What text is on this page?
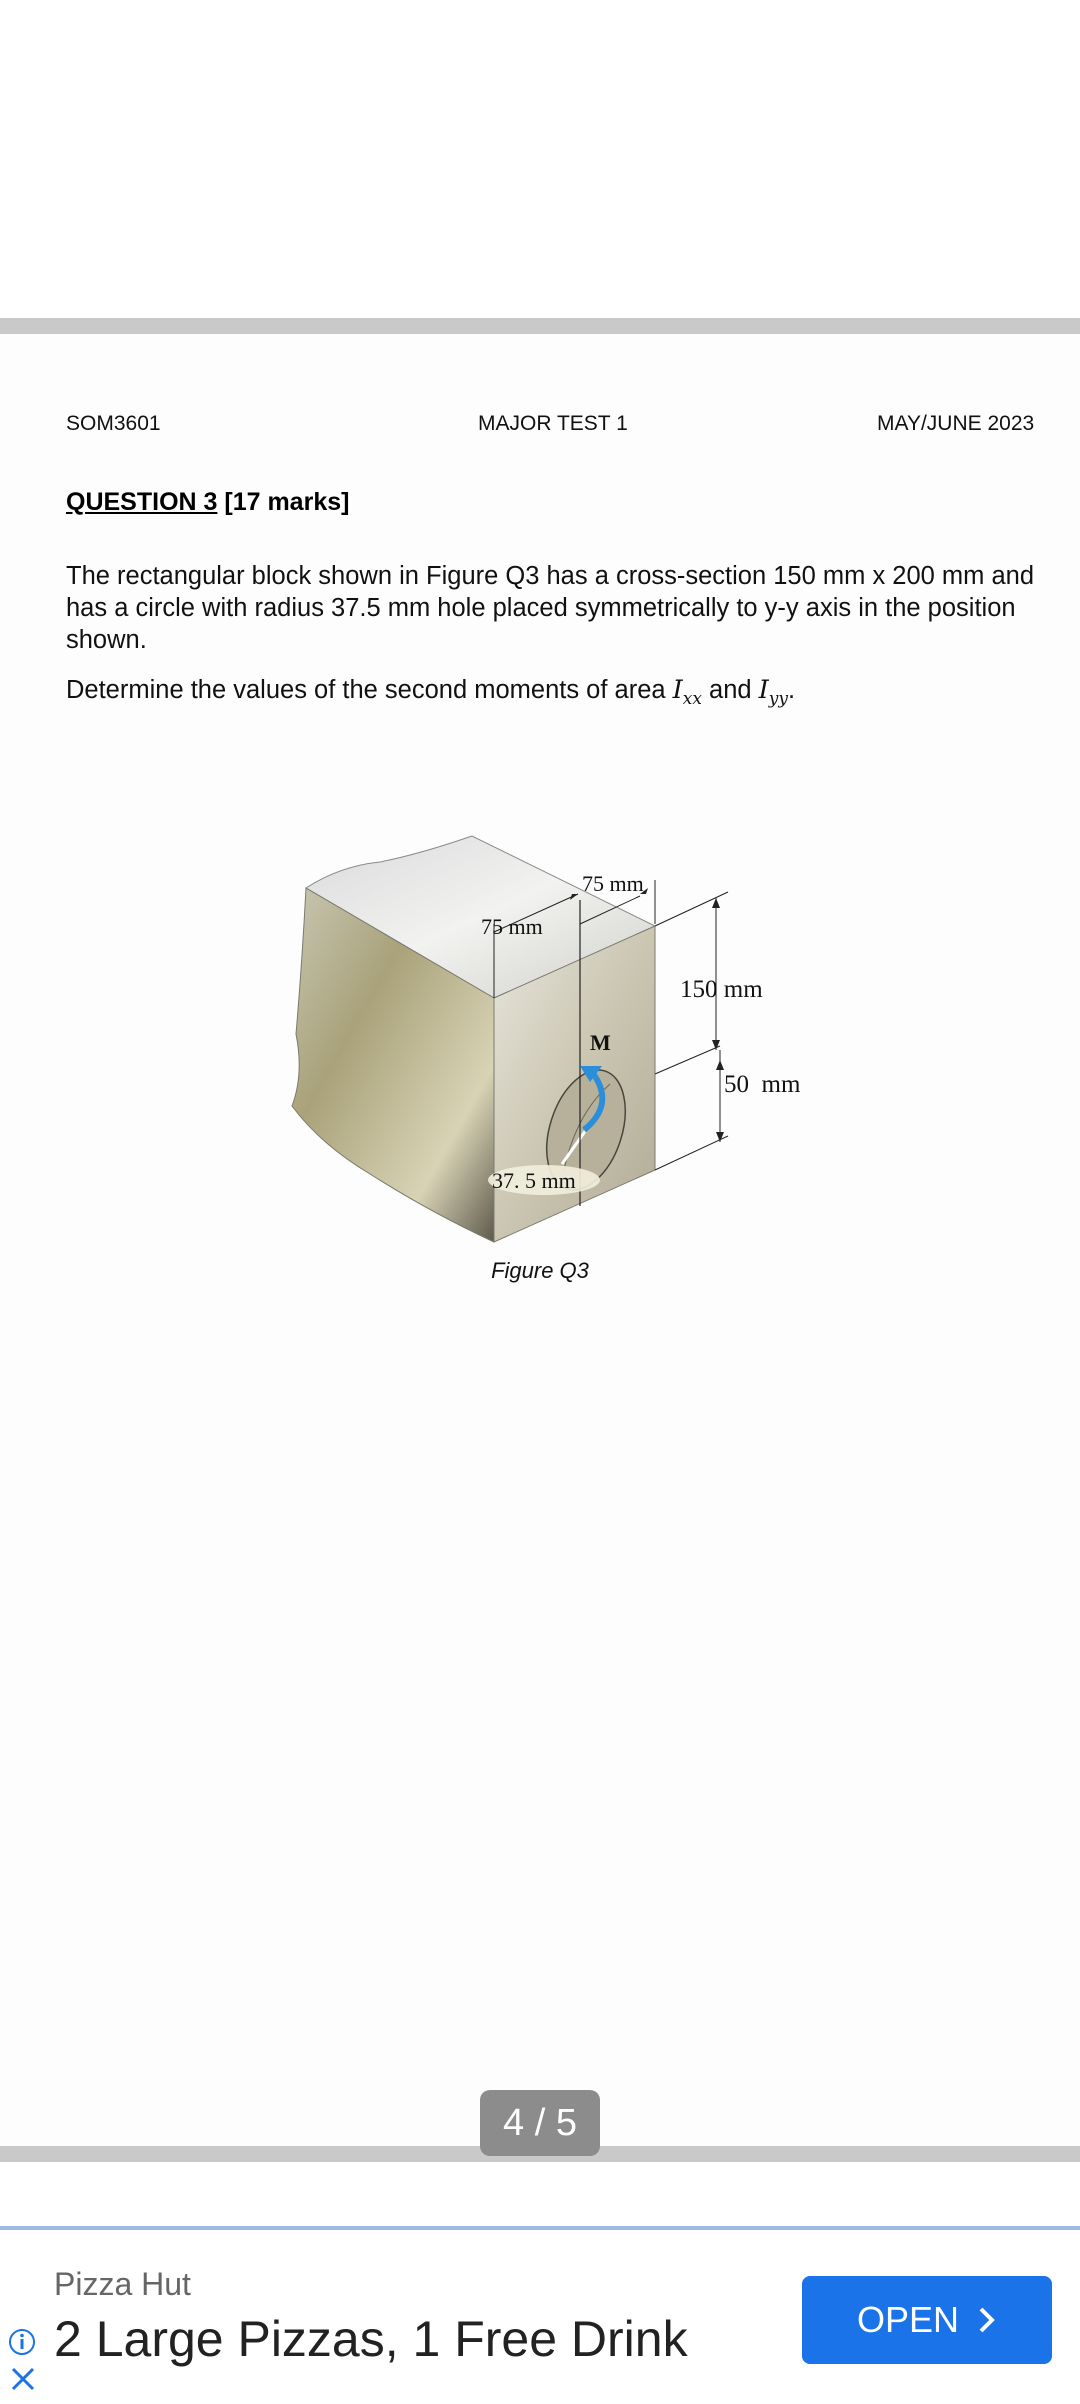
SOM3601	MAJOR TEST 1	MAY/JUNE 2023
QUESTION 3 [17 marks]
The rectangular block shown in Figure Q3 has a cross-section 150 mm x 200 mm and has a circle with radius 37.5 mm hole placed symmetrically to y-y axis in the position shown.
Determine the values of the second moments of area $I_{xx}$ and $I_{yy}$.
75 mm
75 mm
150 mm
50  mm
M
37. 5 mm
Figure Q3
4 / 5
Pizza Hut
2 Large Pizzas, 1 Free Drink	OPEN
